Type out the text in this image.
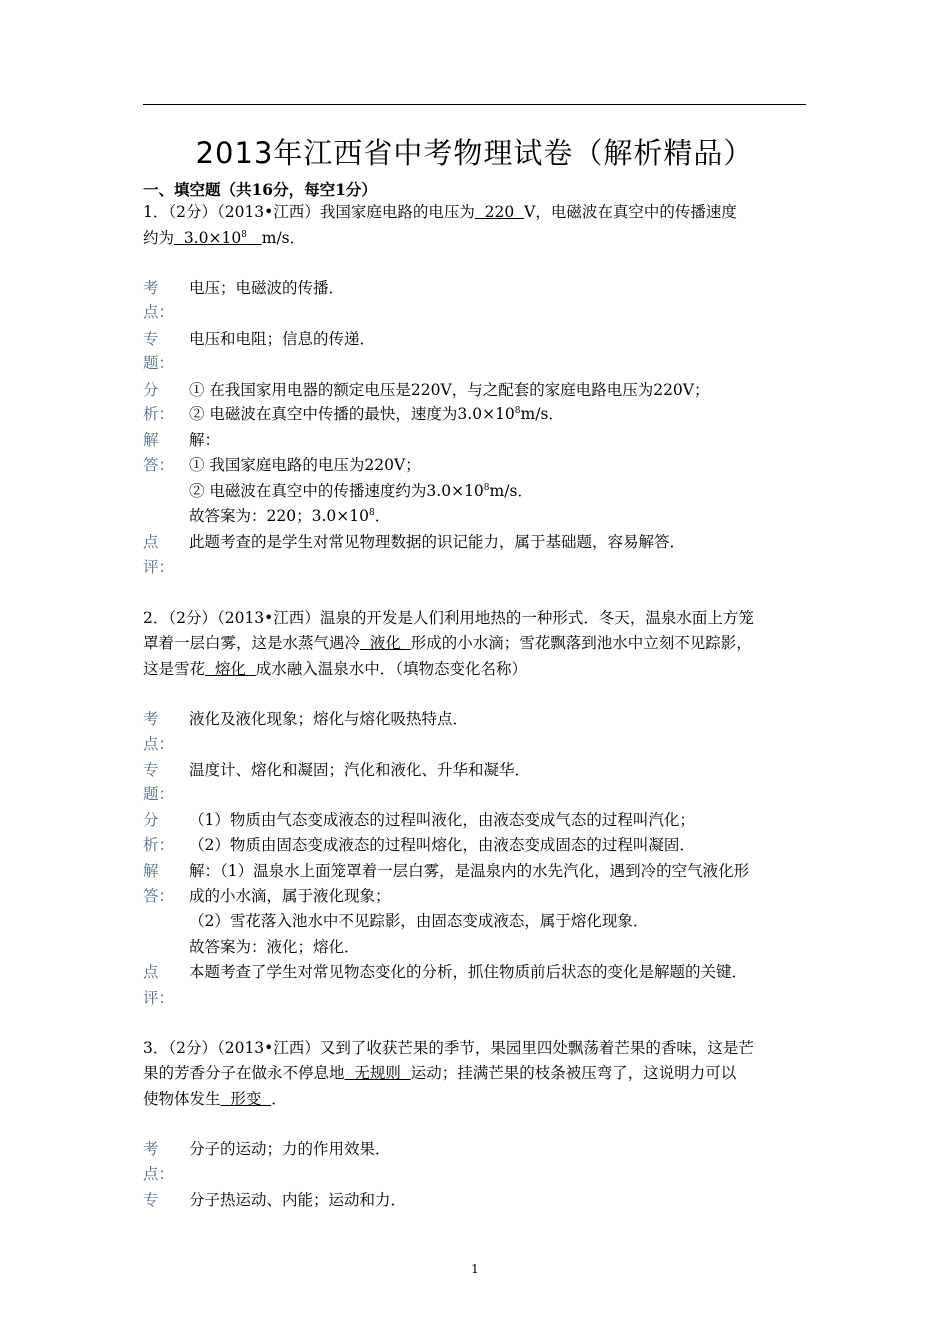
2013年江西省中考物理试卷（解析精品）
一、填空题（共16分，每空1分）
1．（2分）（2013•江西）我国家庭电路的电压为  220  V，电磁波在真空中的传播速度
约为  $3.0\times 10^8$ m/s．
考
点：
电压；电磁波的传播．
专
题：
电压和电阻；信息的传递．
分
析：
① 在我国家用电器的额定电压是220V，与之配套的家庭电路电压为220V；
② 电磁波在真空中传播的最快，速度为$3.0\times 10^8m/s$．
解
答：
解：
① 我国家庭电路的电压为220V；
② 电磁波在真空中的传播速度约为$3.0\times 10^8m/s$．
故答案为：220；$3.0\times 10^8$．
点
评：
此题考查的是学生对常见物理数据的识记能力，属于基础题，容易解答．
2．（2分）（2013•江西）温泉的开发是人们利用地热的一种形式．冬天，温泉水面上方笼
罩着一层白雾，这是水蒸气遇冷  液化  形成的小水滴；雪花飘落到池水中立刻不见踪影，
这是雪花  熔化  成水融入温泉水中．（填物态变化名称）
考
点：
液化及液化现象；熔化与熔化吸热特点．
专
题：
温度计、熔化和凝固；汽化和液化、升华和凝华．
分
析：
（1）物质由气态变成液态的过程叫液化，由液态变成气态的过程叫汽化；
（2）物质由固态变成液态的过程叫熔化，由液态变成固态的过程叫凝固．
解
答：
解：（1）温泉水上面笼罩着一层白雾，是温泉内的水先汽化，遇到冷的空气液化形
成的小水滴，属于液化现象；
（2）雪花落入池水中不见踪影，由固态变成液态，属于熔化现象．
故答案为：液化；熔化．
点
评：
本题考查了学生对常见物态变化的分析，抓住物质前后状态的变化是解题的关键．
3．（2分）（2013•江西）又到了收获芒果的季节，果园里四处飘荡着芒果的香味，这是芒
果的芳香分子在做永不停息地  无规则  运动；挂满芒果的枝条被压弯了，这说明力可以
使物体发生  形变  ．
考
点：
分子的运动；力的作用效果．
专 分子热运动、内能；运动和力．
1
